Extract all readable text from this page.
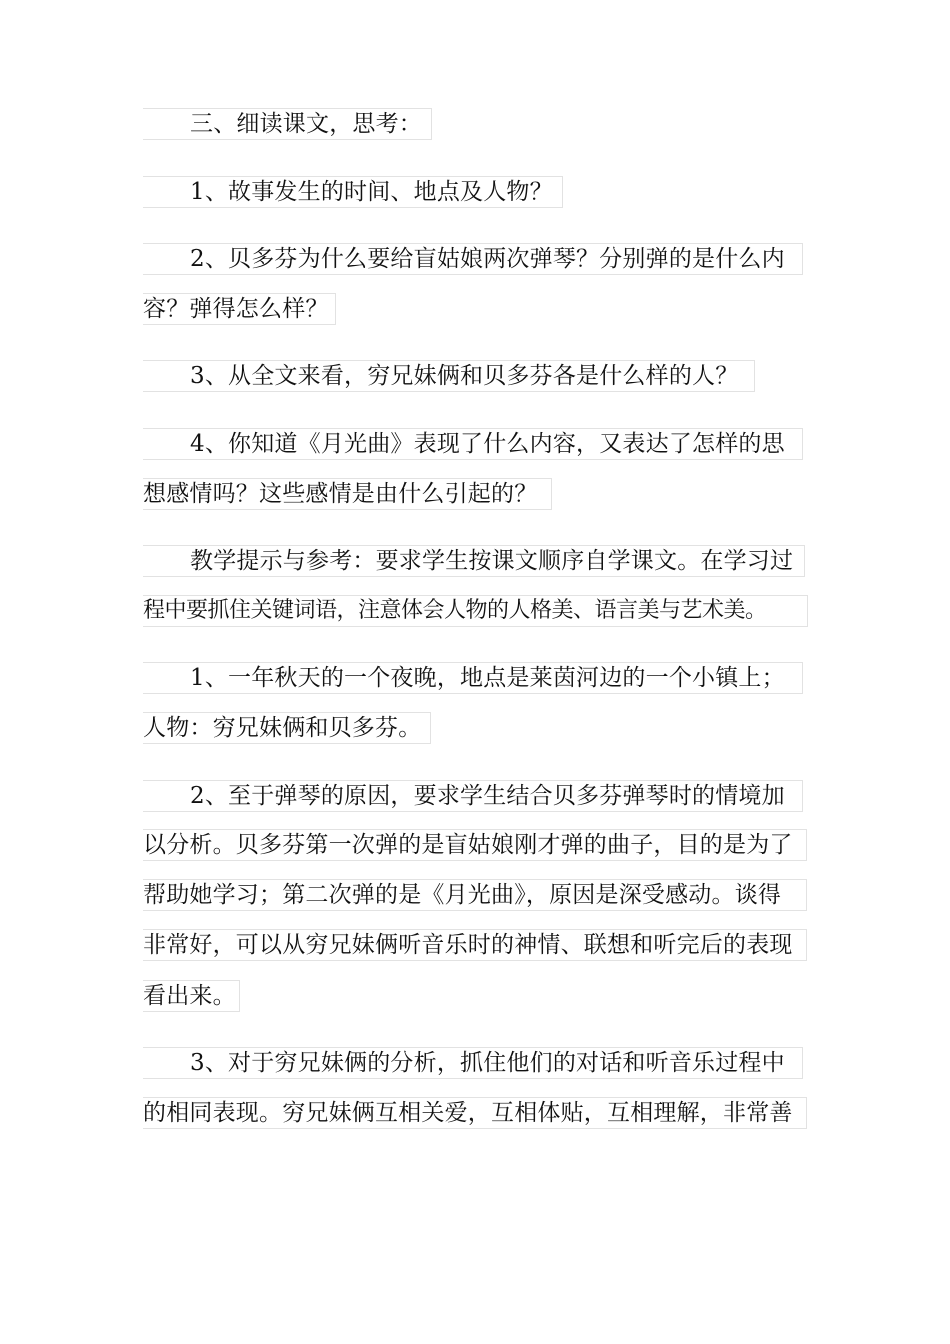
三、细读课文，思考：
1、故事发生的时间、地点及人物？
2、贝多芬为什么要给盲姑娘两次弹琴？分别弹的是什么内
容？弹得怎么样？
3、从全文来看，穷兄妹俩和贝多芬各是什么样的人？
4、你知道《月光曲》表现了什么内容，又表达了怎样的思
想感情吗？这些感情是由什么引起的？
教学提示与参考：要求学生按课文顺序自学课文。在学习过
程中要抓住关键词语，注意体会人物的人格美、语言美与艺术美。
1、一年秋天的一个夜晚，地点是莱茵河边的一个小镇上；
人物：穷兄妹俩和贝多芬。
2、至于弹琴的原因，要求学生结合贝多芬弹琴时的情境加
以分析。贝多芬第一次弹的是盲姑娘刚才弹的曲子，目的是为了
帮助她学习；第二次弹的是《月光曲》，原因是深受感动。谈得
非常好，可以从穷兄妹俩听音乐时的神情、联想和听完后的表现
看出来。
3、对于穷兄妹俩的分析，抓住他们的对话和听音乐过程中
的相同表现。穷兄妹俩互相关爱，互相体贴，互相理解，非常善
